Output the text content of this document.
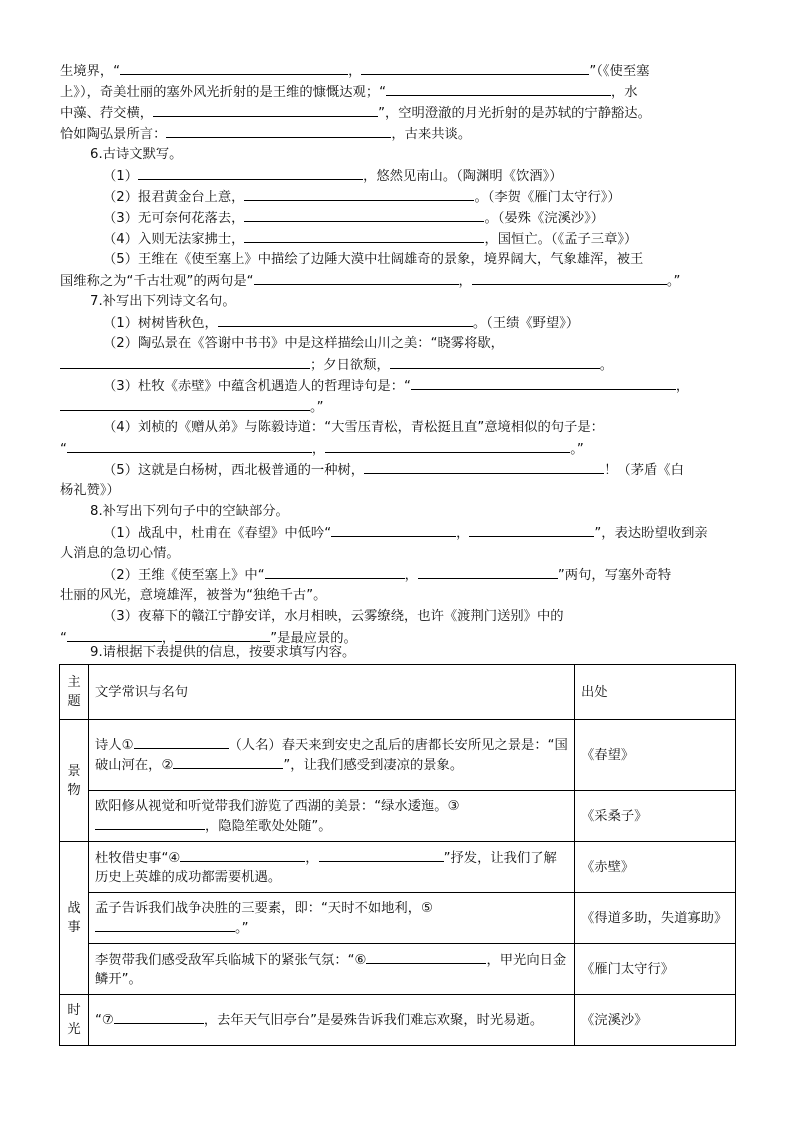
生境界，“	，	”（《使至塞
上》），奇美壮丽的塞外风光折射的是王维的慷慨达观；“	，水
中藻、荇交横，	”，空明澄澈的月光折射的是苏轼的宁静豁达。
恰如陶弘景所言：	，古来共谈。
6.古诗文默写。
（1）	，悠然见南山。（陶渊明《饮酒》）
（2）报君黄金台上意，	。（李贺《雁门太守行》）
（3）无可奈何花落去，	。（晏殊《浣溪沙》）
（4）入则无法家拂士，	，国恒亡。（《孟子三章》）
（5）王维在《使至塞上》中描绘了边陲大漠中壮阔雄奇的景象，境界阔大，气象雄浑，被王
国维称之为“千古壮观”的两句是“	，	。”
7.补写出下列诗文名句。
（1）树树皆秋色，	。（王绩《野望》）
（2）陶弘景在《答谢中书书》中是这样描绘山川之美：“晓雾将歇，
；夕日欲颓，	。
（3）杜牧《赤壁》中蕴含机遇造人的哲理诗句是：“	，
。”
（4）刘桢的《赠从弟》与陈毅诗道：“大雪压青松，青松挺且直”意境相似的句子是：
“	，	。”
（5）这就是白杨树，西北极普通的一种树，	！（茅盾《白
杨礼赞》）
8.补写出下列句子中的空缺部分。
（1）战乱中，杜甫在《春望》中低吟“	，	”，表达盼望收到亲
人消息的急切心情。
（2）王维《使至塞上》中“	，	”两句，写塞外奇特
壮丽的风光，意境雄浑，被誉为“独绝千古”。
（3）夜幕下的赣江宁静安详，水月相映，云雾缭绕，也许《渡荆门送别》中的
“	，	”是最应景的。
9.请根据下表提供的信息，按要求填写内容。
主题	文学常识与名句	出处
景物	诗人① （人名）春天来到安史之乱后的唐都长安所见之景是：“国破山河在，② ”，让我们感受到凄凉的景象。	《春望》
	欧阳修从视觉和听觉带我们游览了西湖的美景：“绿水逶迤。③，隐隐笙歌处处随”。	《采桑子》
战事	杜牧借史事“④ ， ”抒发，让我们了解历史上英雄的成功都需要机遇。	《赤壁》
	孟子告诉我们战争决胜的三要素，即：“天时不如地利，⑤。”	《得道多助，失道寡助》
	李贺带我们感受敌军兵临城下的紧张气氛：“⑥ ，甲光向日金鳞开”。	《雁门太守行》
时光	“⑦ ，去年天气旧亭台”是晏殊告诉我们难忘欢聚，时光易逝。	《浣溪沙》
